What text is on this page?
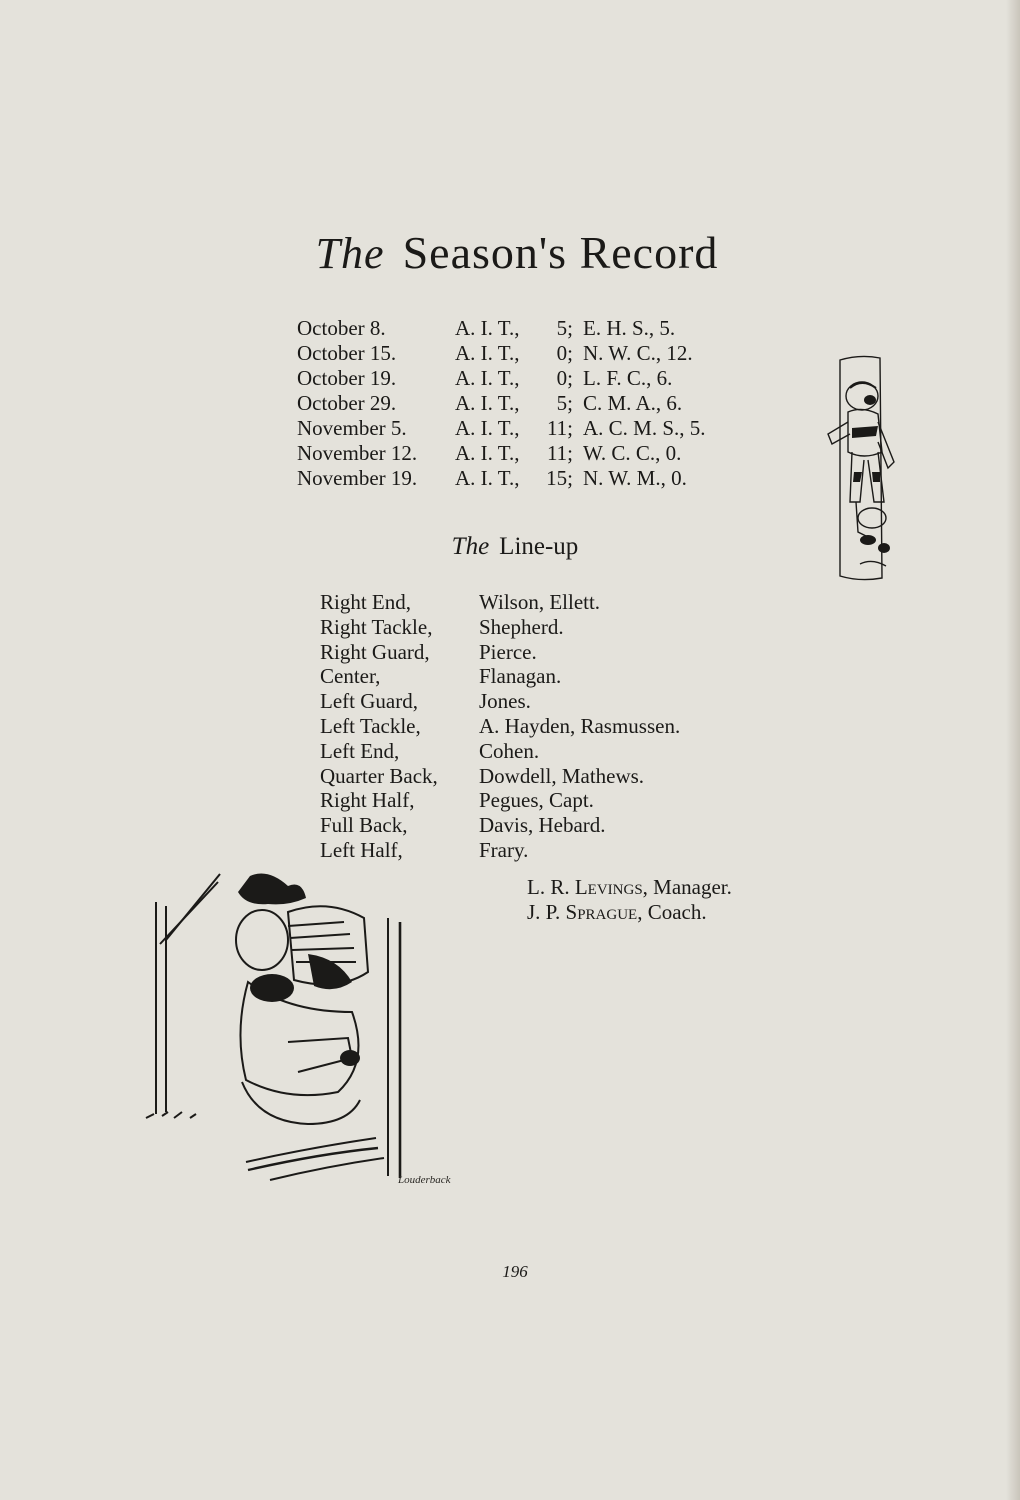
The Season's Record
October 8.	A. I. T.,	5; E. H. S., 5.
October 15.	A. I. T.,	0; N. W. C., 12.
October 19.	A. I. T.,	0; L. F. C., 6.
October 29.	A. I. T.,	5; C. M. A., 6.
November 5.	A. I. T.,	11; A. C. M. S., 5.
November 12.	A. I. T.,	11; W. C. C., 0.
November 19.	A. I. T.,	15; N. W. M., 0.
The Line-up
Right End,	Wilson, Ellett.
Right Tackle,	Shepherd.
Right Guard,	Pierce.
Center,	Flanagan.
Left Guard,	Jones.
Left Tackle,	A. Hayden, Rasmussen.
Left End,	Cohen.
Quarter Back,	Dowdell, Mathews.
Right Half,	Pegues, Capt.
Full Back,	Davis, Hebard.
Left Half,	Frary.
L. R. Levings, Manager.
J. P. Sprague, Coach.
Louderback
196
